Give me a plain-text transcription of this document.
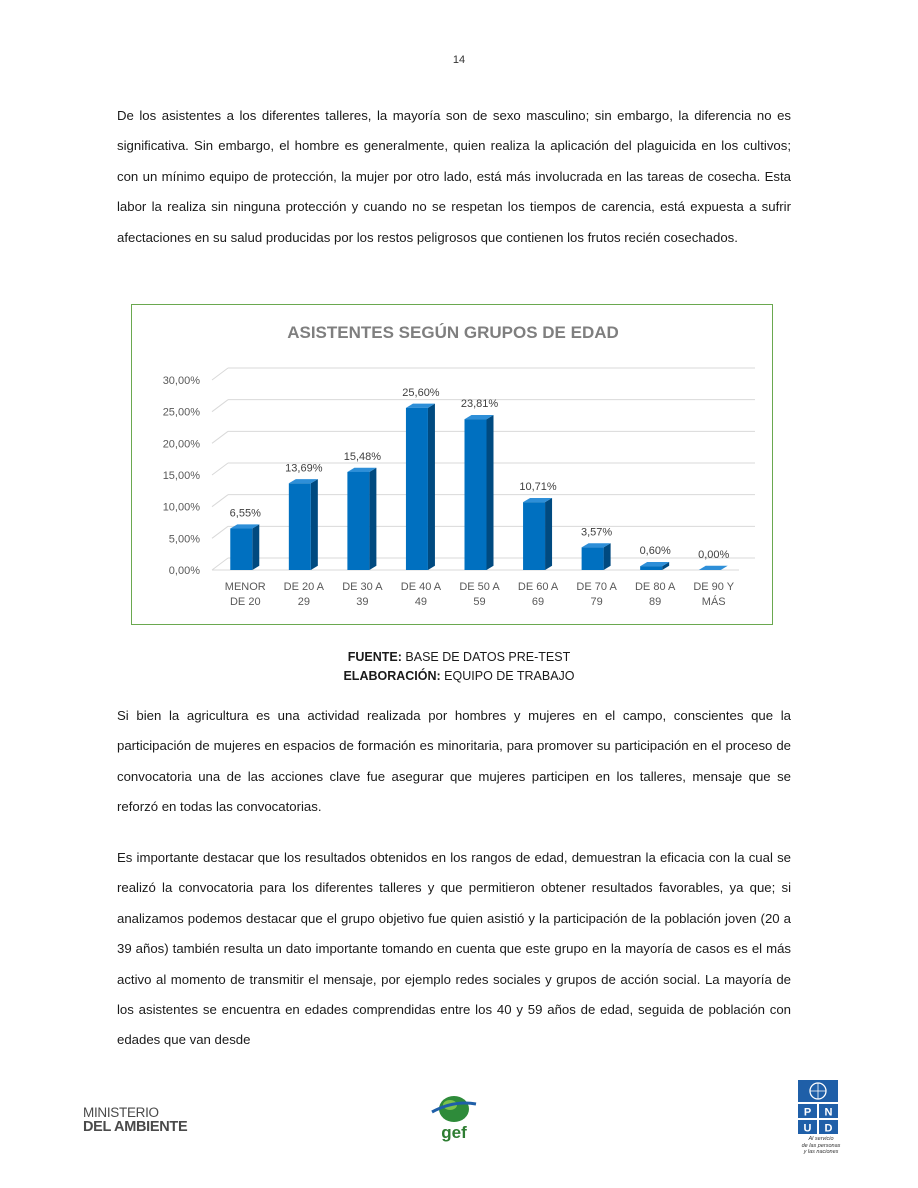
14

De los asistentes a los diferentes talleres, la mayoría son de sexo masculino; sin embargo, la diferencia no es significativa. Sin embargo, el hombre es generalmente, quien realiza la aplicación del plaguicida en los cultivos; con un mínimo equipo de protección, la mujer por otro lado, está más involucrada en las tareas de cosecha. Esta labor la realiza sin ninguna protección y cuando no se respetan los tiempos de carencia, está expuesta a sufrir afectaciones en su salud producidas por los restos peligrosos que contienen los frutos recién cosechados.

ASISTENTES SEGÚN GRUPOS DE EDAD
0,00%
5,00%
10,00%
15,00%
20,00%
25,00%
30,00%
6,55%
MENOR
DE 20
13,69%
DE 20 A
29
15,48%
DE 30 A
39
25,60%
DE 40 A
49
23,81%
DE 50 A
59
10,71%
DE 60 A
69
3,57%
DE 70 A
79
0,60%
DE 80 A
89
0,00%
DE 90 Y
MÁS
FUENTE: BASE DE DATOS PRE-TEST
ELABORACIÓN: EQUIPO DE TRABAJO

Si bien la agricultura es una actividad realizada por hombres y mujeres en el campo, conscientes que la participación de mujeres en espacios de formación es minoritaria, para promover su participación en el proceso de convocatoria una de las acciones clave fue asegurar que mujeres participen en los talleres, mensaje que se reforzó en todas las convocatorias.

Es importante destacar que los resultados obtenidos en los rangos de edad, demuestran la eficacia con la cual se realizó la convocatoria para los diferentes talleres y que permitieron obtener resultados favorables, ya que; si analizamos podemos destacar que el grupo objetivo fue quien asistió y la participación de la población joven (20 a 39 años) también resulta un dato importante tomando en cuenta que este grupo en la mayoría de casos es el más activo al momento de transmitir el mensaje, por ejemplo redes sociales y grupos de acción social. La mayoría de los asistentes se encuentra en edades comprendidas entre los 40 y 59 años de edad, seguida de población con edades que van desde

MINISTERIO
DEL AMBIENTE	gef
P N
U D
Al servicio
de las personas
y las naciones
